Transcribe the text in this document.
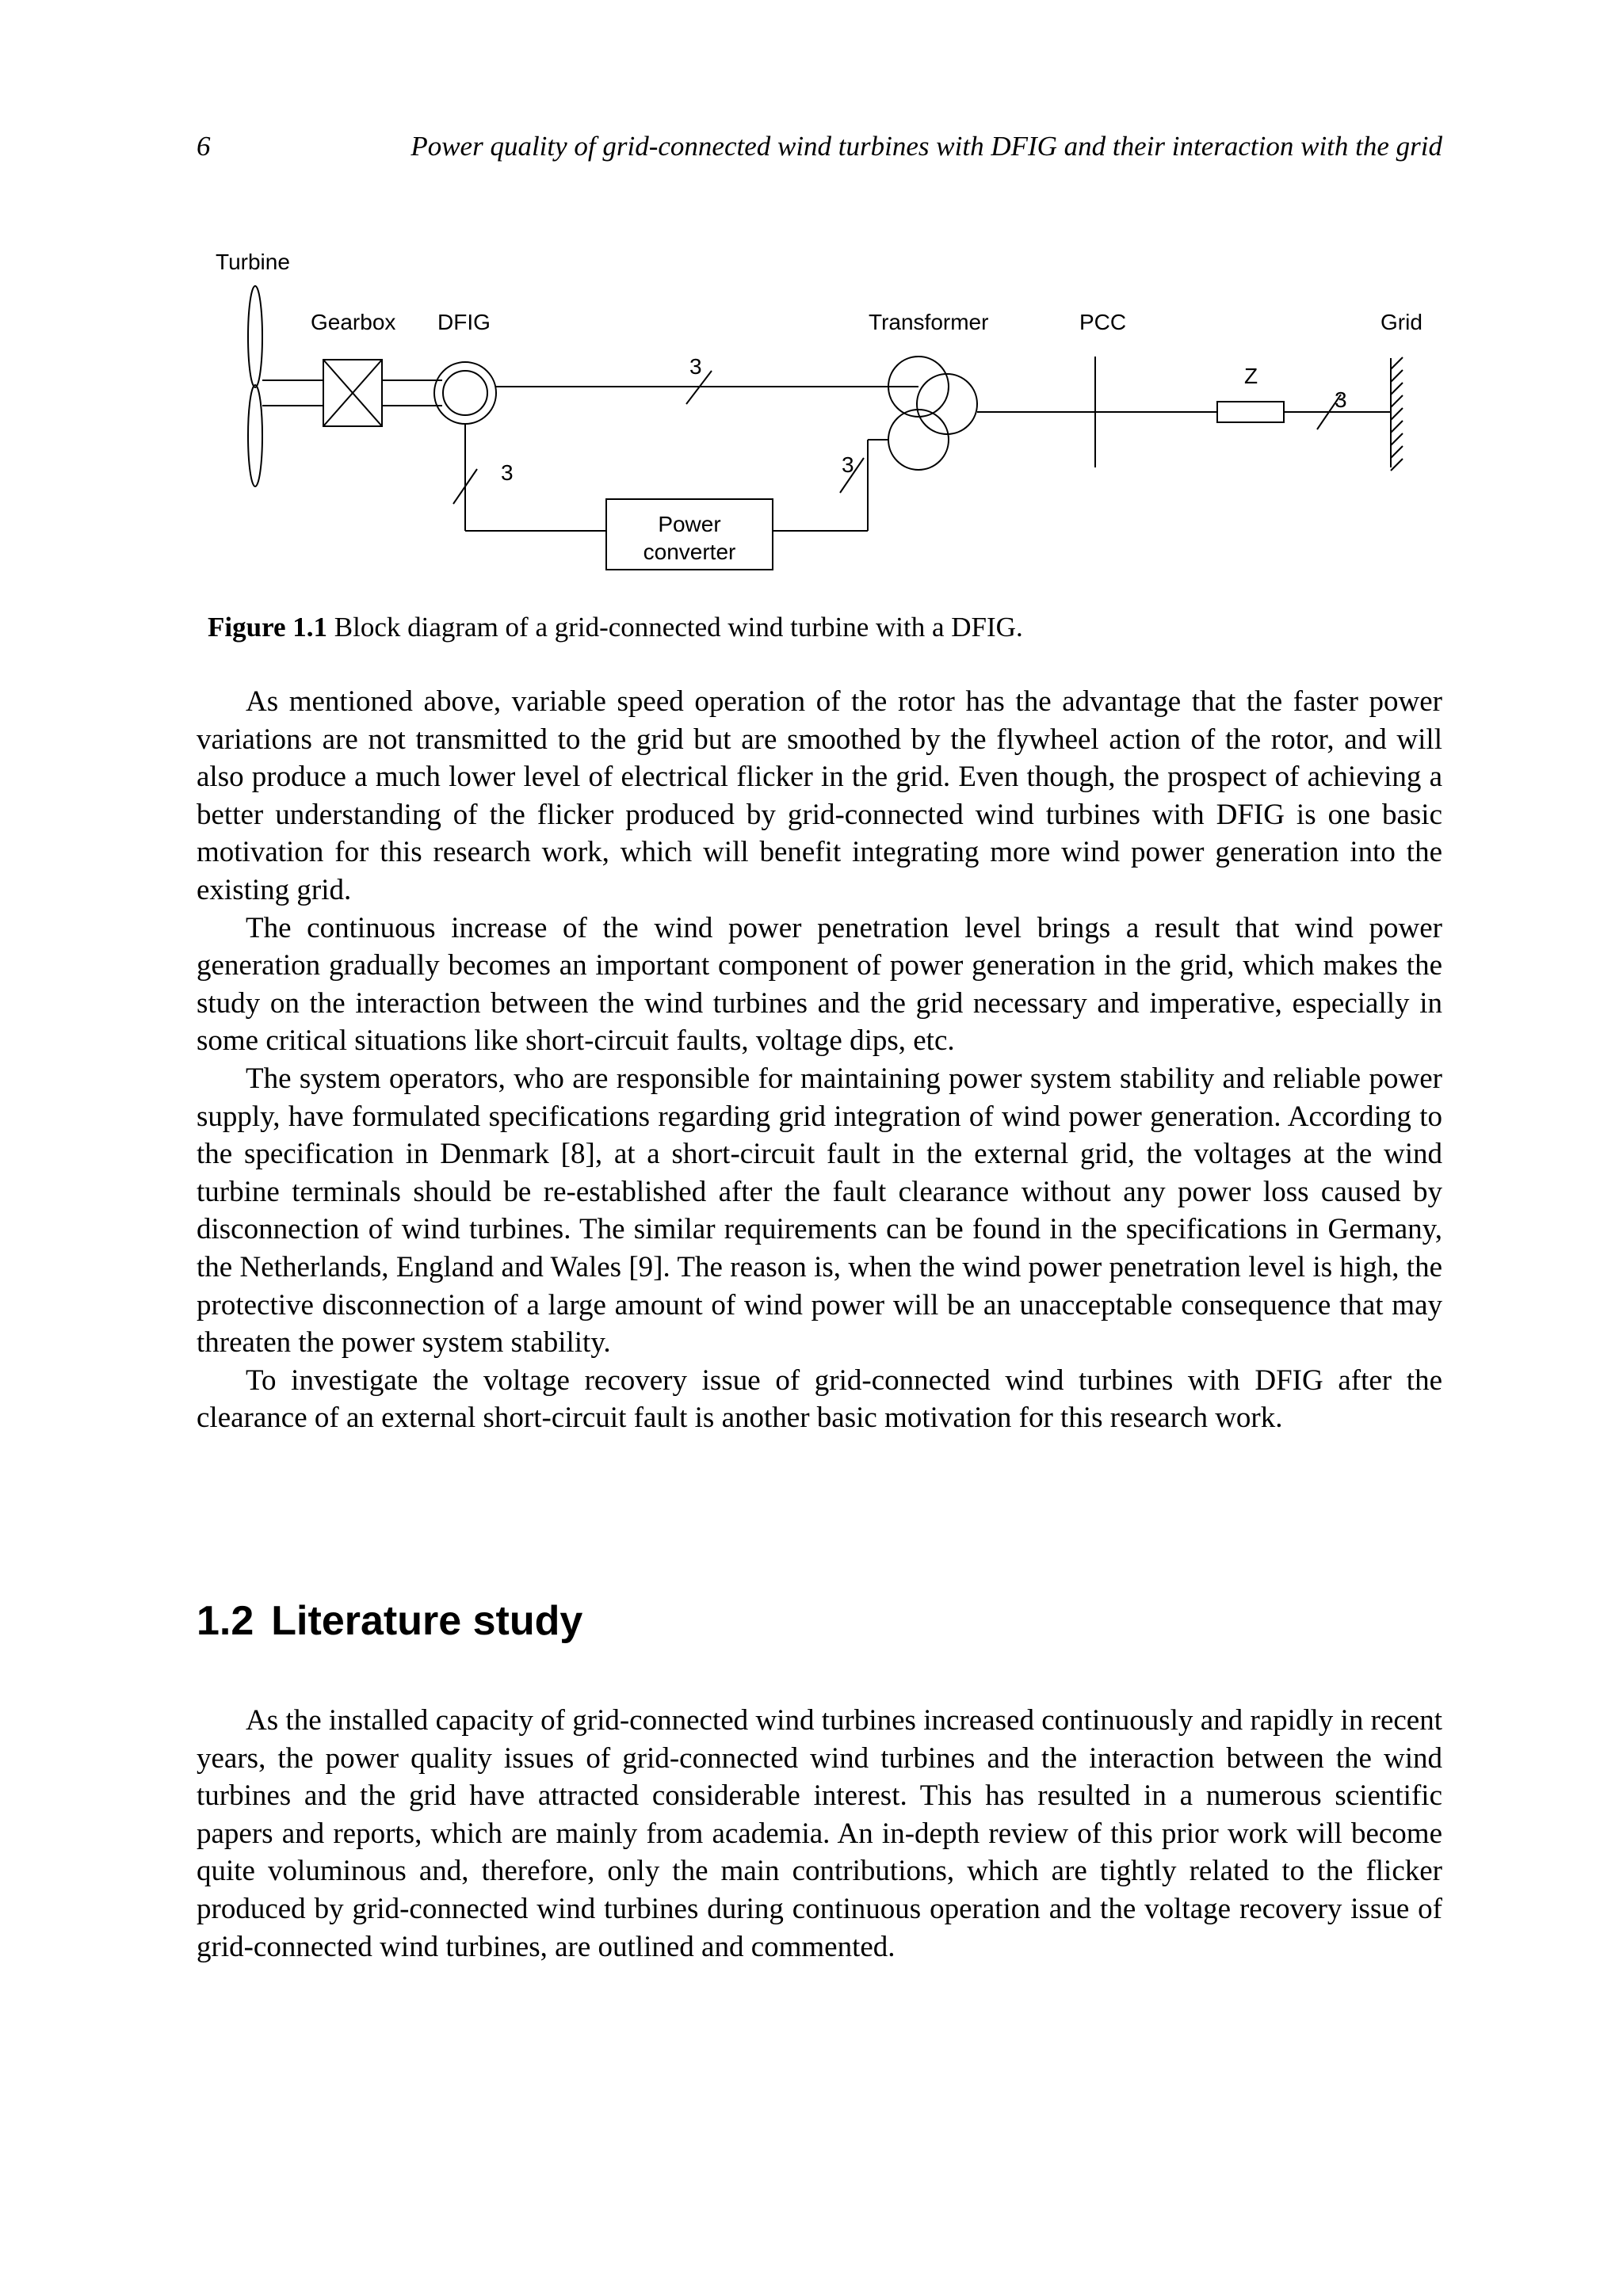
6	Power quality of grid-connected wind turbines with DFIG and their interaction with the grid
Turbine
Gearbox DFIG	Transformer	PCC	Grid
Z
3
3	3
3
Power
converter
Figure 1.1 Block diagram of a grid-connected wind turbine with a DFIG.

As mentioned above, variable speed operation of the rotor has the advantage that the faster power variations are not transmitted to the grid but are smoothed by the flywheel action of the rotor, and will also produce a much lower level of electrical flicker in the grid. Even though, the prospect of achieving a better understanding of the flicker produced by grid-connected wind turbines with DFIG is one basic motivation for this research work, which will benefit integrating more wind power generation into the existing grid.

The continuous increase of the wind power penetration level brings a result that wind power generation gradually becomes an important component of power generation in the grid, which makes the study on the interaction between the wind turbines and the grid necessary and imperative, especially in some critical situations like short-circuit faults, voltage dips, etc.

The system operators, who are responsible for maintaining power system stability and reliable power supply, have formulated specifications regarding grid integration of wind power generation. According to the specification in Denmark [8], at a short-circuit fault in the external grid, the voltages at the wind turbine terminals should be re-established after the fault clearance without any power loss caused by disconnection of wind turbines. The similar requirements can be found in the specifications in Germany, the Netherlands, England and Wales [9]. The reason is, when the wind power penetration level is high, the protective disconnection of a large amount of wind power will be an unacceptable consequence that may threaten the power system stability.

To investigate the voltage recovery issue of grid-connected wind turbines with DFIG after the clearance of an external short-circuit fault is another basic motivation for this research work.

1.2 Literature study

As the installed capacity of grid-connected wind turbines increased continuously and rapidly in recent years, the power quality issues of grid-connected wind turbines and the interaction between the wind turbines and the grid have attracted considerable interest. This has resulted in a numerous scientific papers and reports, which are mainly from academia. An in-depth review of this prior work will become quite voluminous and, therefore, only the main contributions, which are tightly related to the flicker produced by grid-connected wind turbines during continuous operation and the voltage recovery issue of grid-connected wind turbines, are outlined and commented.
